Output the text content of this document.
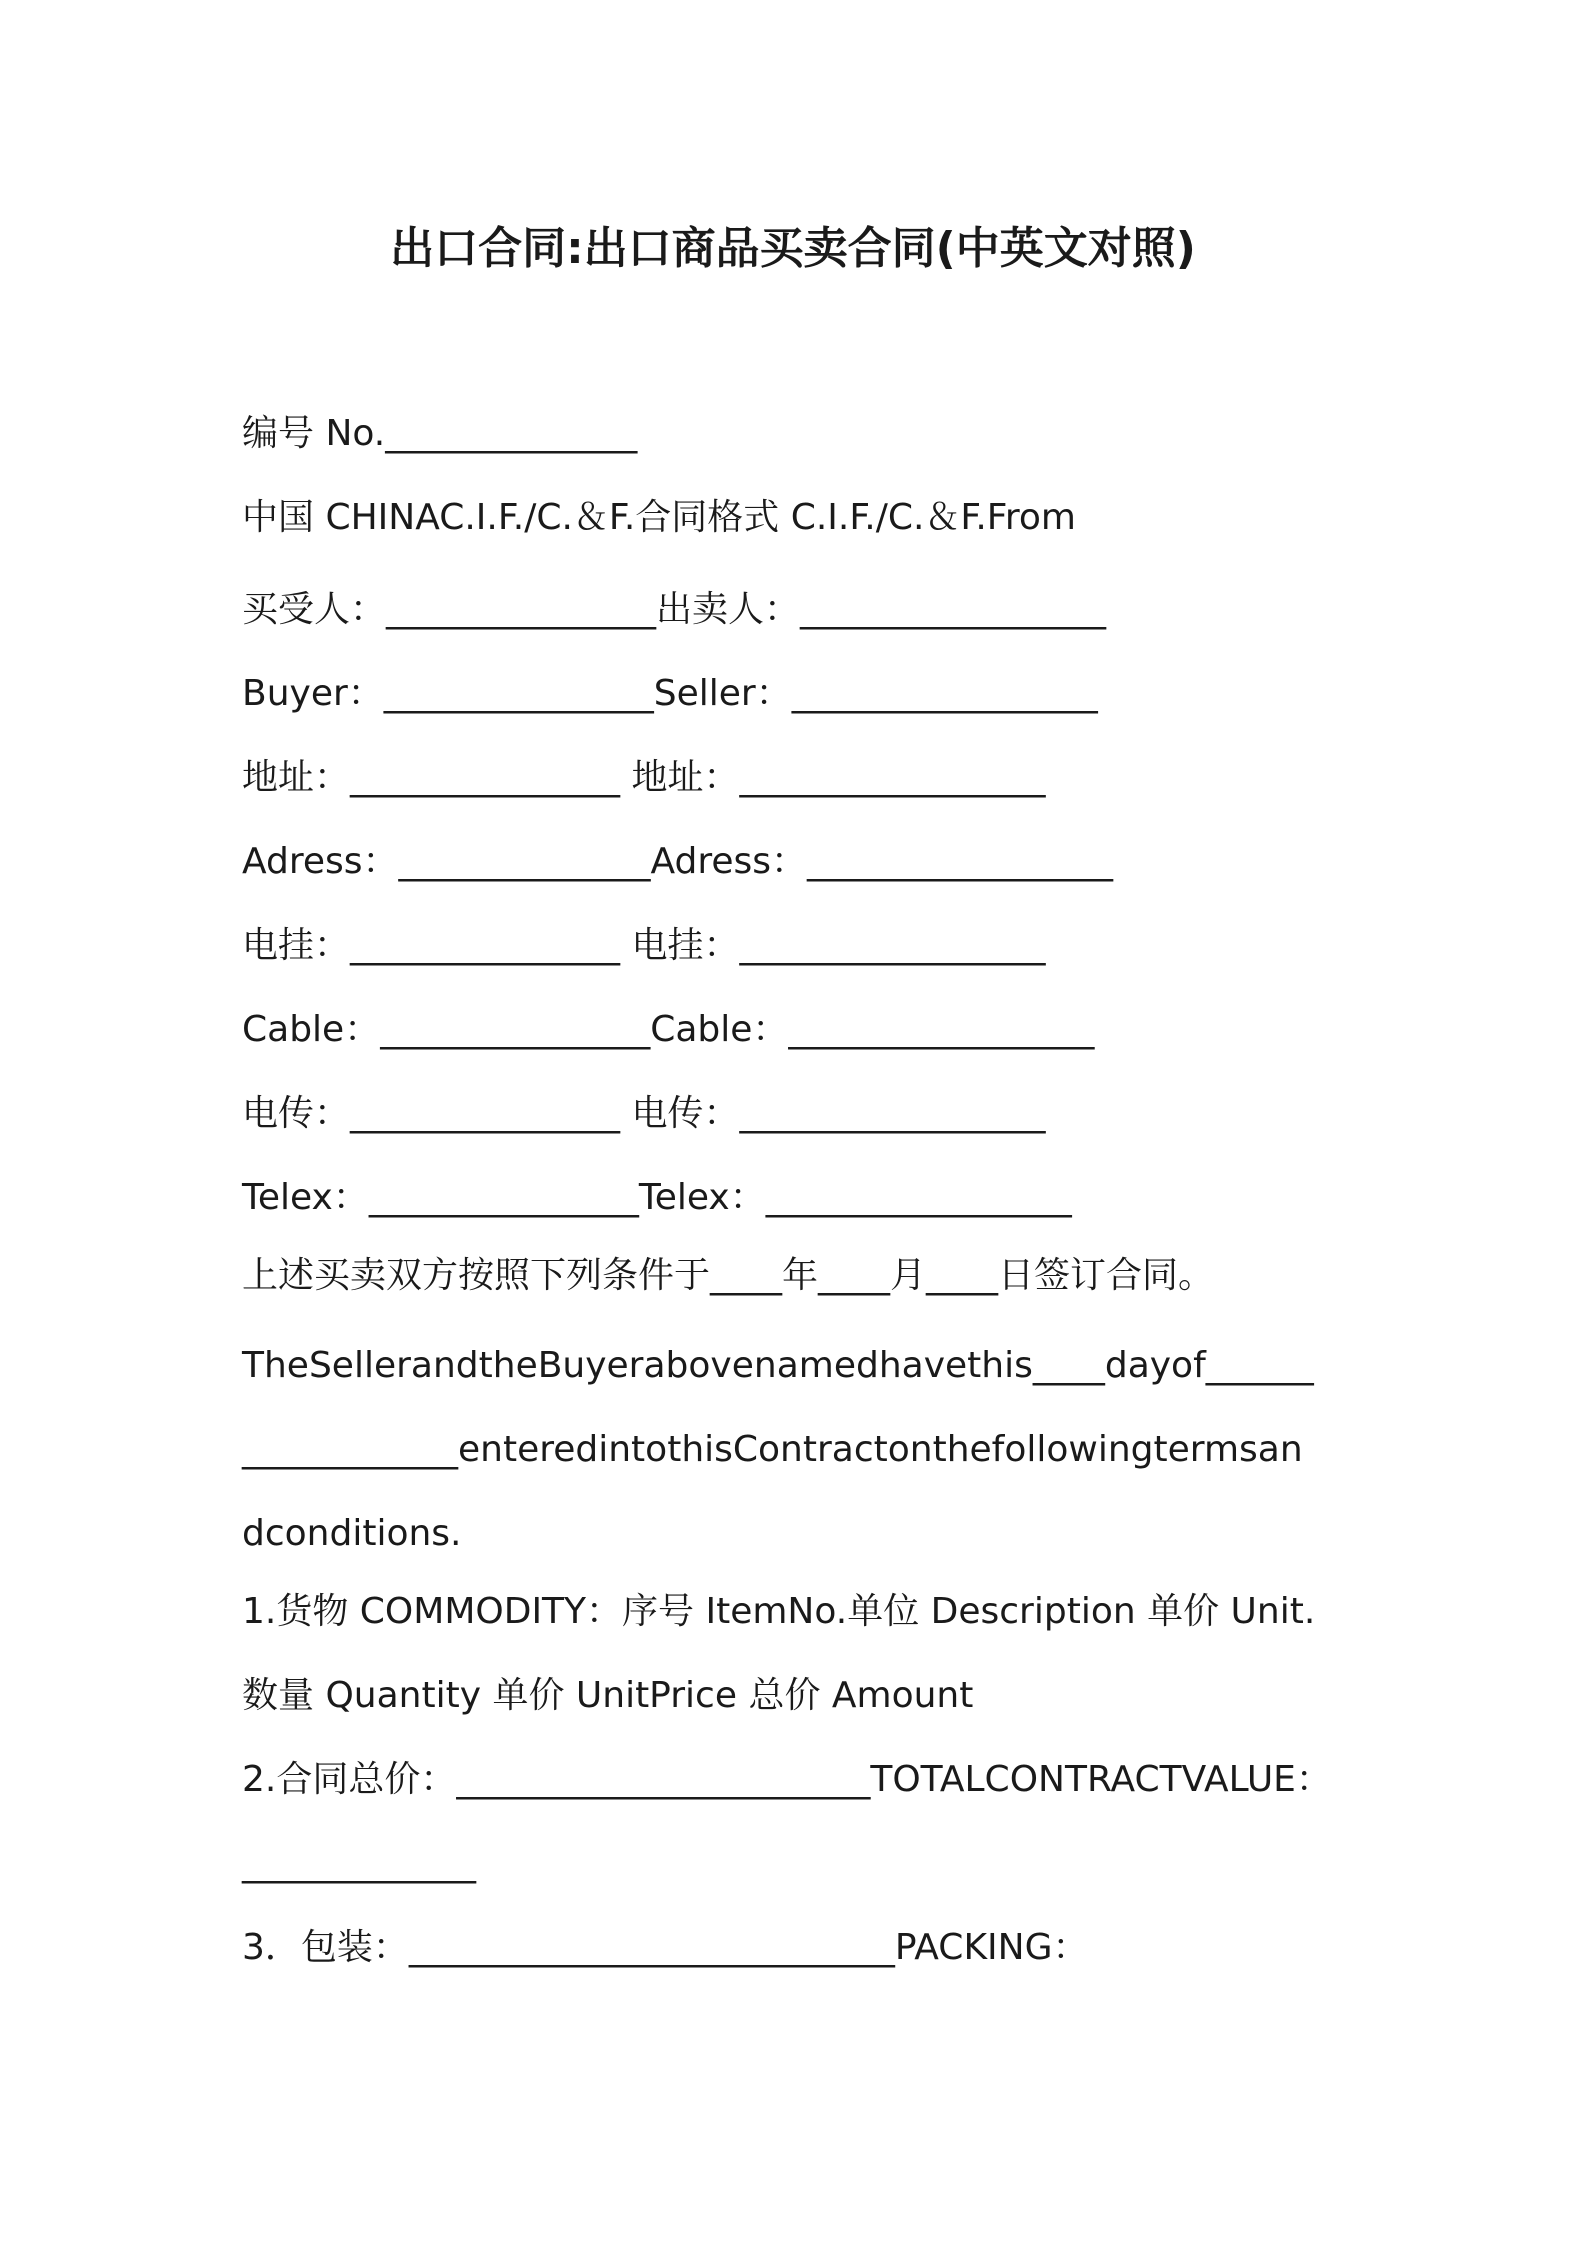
出口合同:出口商品买卖合同(中英文对照)
编号 No.______________
中国 CHINAC.I.F./C.＆F.合同格式 C.I.F./C.＆F.From
买受人：_______________出卖人：_________________
Buyer：_______________Seller：_________________
地址：_______________ 地址：_________________
Adress：______________Adress：_________________
电挂：_______________ 电挂：_________________
Cable：_______________Cable：_________________
电传：_______________ 电传：_________________
Telex：_______________Telex：_________________
上述买卖双方按照下列条件于____年____月____日签订合同。
TheSellerandtheBuyerabovenamedhavethis____dayof______
____________enteredintothisContractonthefollowingtermsan
dconditions.
1.货物 COMMODITY：序号 ItemNo.单位 Description 单价 Unit.
数量 Quantity 单价 UnitPrice 总价 Amount
2.合同总价：_______________________TOTALCONTRACTVALUE：
_____________
3．包装：___________________________PACKING：
